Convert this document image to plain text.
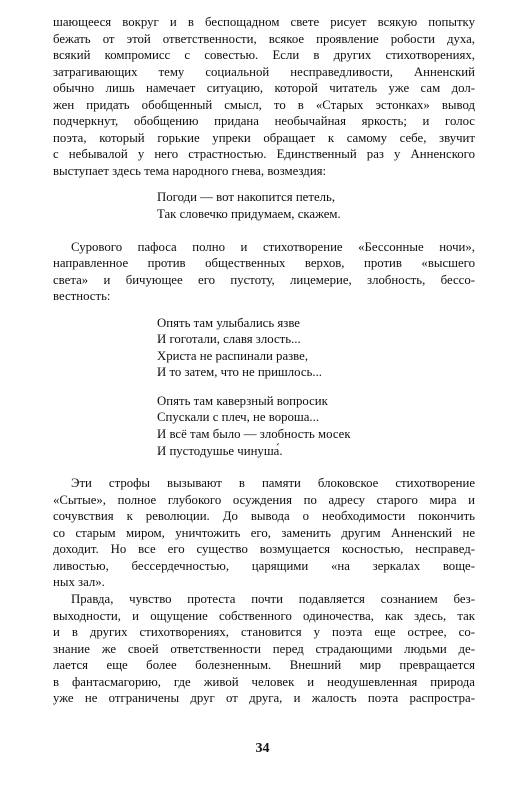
шающееся вокруг и в беспощадном свете рисует всякую попытку
бежать от этой ответственности, всякое проявление робости духа,
всякий компромисс с совестью. Если в других стихотворениях,
затрагивающих тему социальной несправедливости, Анненский
обычно лишь намечает ситуацию, которой читатель уже сам дол-
жен придать обобщенный смысл, то в «Старых эстонках» вывод
подчеркнут, обобщению придана необычайная яркость; и голос
поэта, который горькие упреки обращает к самому себе, звучит
с небывалой у него страстностью. Единственный раз у Анненского
выступает здесь тема народного гнева, возмездия:
Погоди — вот накопится петель,
Так словечко придумаем, скажем.
Сурового пафоса полно и стихотворение «Бессонные ночи»,
направленное против общественных верхов, против «высшего
света» и бичующее его пустоту, лицемерие, злобность, бессо-
вестность:
Опять там улыбались язве
И гоготали, славя злость...
Христа не распинали разве,
И то затем, что не пришлось...
Опять там каверзный вопросик
Спускали с плеч, не вороша...
И всё там было — злобность мосек
И пустодушье чинуша́.
Эти строфы вызывают в памяти блоковское стихотворение
«Сытые», полное глубокого осуждения по адресу старого мира и
сочувствия к революции. До вывода о необходимости покончить
со старым миром, уничтожить его, заменить другим Анненский не
доходит. Но все его существо возмущается косностью, несправед-
ливостью, бессердечностью, царящими «на зеркалах воще-
ных зал».
Правда, чувство протеста почти подавляется сознанием без-
выходности, и ощущение собственного одиночества, как здесь, так
и в других стихотворениях, становится у поэта еще острее, со-
знание же своей ответственности перед страдающими людьми де-
лается еще более болезненным. Внешний мир превращается
в фантасмагорию, где живой человек и неодушевленная природа
уже не отграничены друг от друга, и жалость поэта распростра-
34
